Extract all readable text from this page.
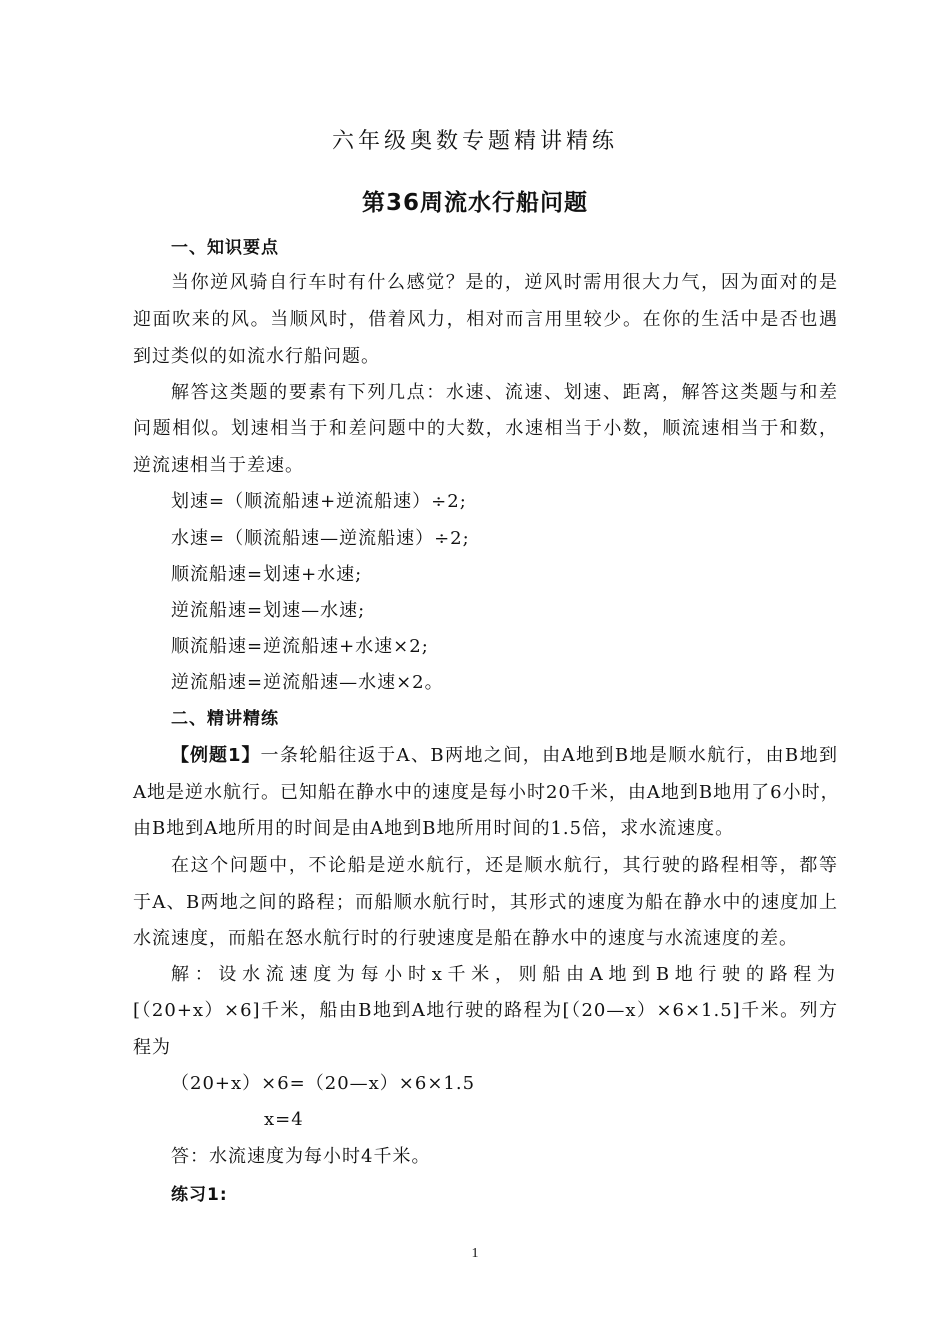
六年级奥数专题精讲精练
第36周流水行船问题
一、知识要点
当你逆风骑自行车时有什么感觉？是的，逆风时需用很大力气，因为面对的是
迎面吹来的风。当顺风时，借着风力，相对而言用里较少。在你的生活中是否也遇
到过类似的如流水行船问题。
解答这类题的要素有下列几点：水速、流速、划速、距离，解答这类题与和差
问题相似。划速相当于和差问题中的大数，水速相当于小数，顺流速相当于和数，
逆流速相当于差速。
划速=（顺流船速+逆流船速）÷2;
水速=（顺流船速—逆流船速）÷2;
顺流船速=划速+水速;
逆流船速=划速—水速;
顺流船速=逆流船速+水速×2;
逆流船速=逆流船速—水速×2。
二、精讲精练
【例题1】 一条轮船往返于A、B两地之间，由A地到B地是顺水航行，由B地到
A地是逆水航行。已知船在静水中的速度是每小时20千米，由A地到B地用了6小时，
由B地到A地所用的时间是由A地到B地所用时间的1.5倍，求水流速度。
在这个问题中，不论船是逆水航行，还是顺水航行，其行驶的路程相等，都等
于A、B两地之间的路程；而船顺水航行时，其形式的速度为船在静水中的速度加上
水流速度，而船在怒水航行时的行驶速度是船在静水中的速度与水流速度的差。
解：设水流速度为每小时x千米，则船由A地到B地行驶的路程为
[（20+x）×6]千米，船由B地到A地行驶的路程为[（20—x）×6×1.5]千米。列方
程为
（20+x）×6=（20—x）×6×1.5
x=4
答：水流速度为每小时4千米。
练习1:
1
